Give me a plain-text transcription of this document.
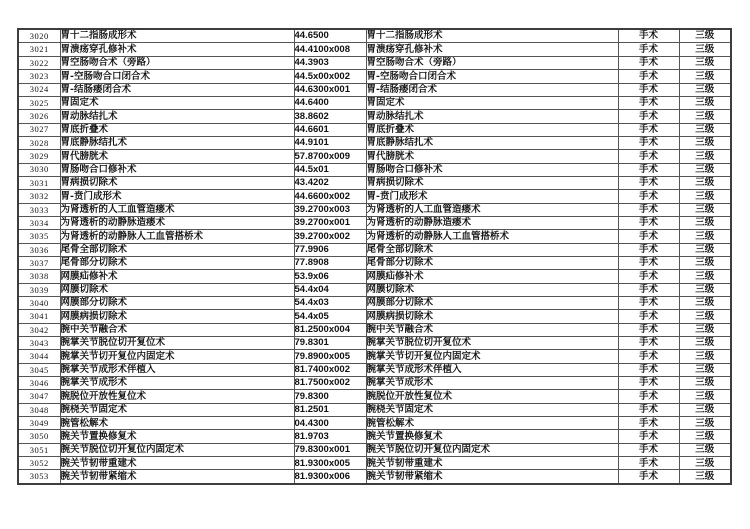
3020	胃十二指肠成形术	44.6500	胃十二指肠成形术	手术	三级
3021	胃溃疡穿孔修补术	44.4100x008	胃溃疡穿孔修补术	手术	三级
3022	胃空肠吻合术（旁路）	44.3903	胃空肠吻合术（旁路）	手术	三级
3023	胃-空肠吻合口闭合术	44.5x00x002	胃-空肠吻合口闭合术	手术	三级
3024	胃-结肠瘘闭合术	44.6300x001	胃-结肠瘘闭合术	手术	三级
3025	胃固定术	44.6400	胃固定术	手术	三级
3026	胃动脉结扎术	38.8602	胃动脉结扎术	手术	三级
3027	胃底折叠术	44.6601	胃底折叠术	手术	三级
3028	胃底静脉结扎术	44.9101	胃底静脉结扎术	手术	三级
3029	胃代膀胱术	57.8700x009	胃代膀胱术	手术	三级
3030	胃肠吻合口修补术	44.5x01	胃肠吻合口修补术	手术	三级
3031	胃病损切除术	43.4202	胃病损切除术	手术	三级
3032	胃-贲门成形术	44.6600x002	胃-贲门成形术	手术	三级
3033	为肾透析的人工血管造瘘术	39.2700x003	为肾透析的人工血管造瘘术	手术	三级
3034	为肾透析的动静脉造瘘术	39.2700x001	为肾透析的动静脉造瘘术	手术	三级
3035	为肾透析的动静脉人工血管搭桥术	39.2700x002	为肾透析的动静脉人工血管搭桥术	手术	三级
3036	尾骨全部切除术	77.9906	尾骨全部切除术	手术	三级
3037	尾骨部分切除术	77.8908	尾骨部分切除术	手术	三级
3038	网膜疝修补术	53.9x06	网膜疝修补术	手术	三级
3039	网膜切除术	54.4x04	网膜切除术	手术	三级
3040	网膜部分切除术	54.4x03	网膜部分切除术	手术	三级
3041	网膜病损切除术	54.4x05	网膜病损切除术	手术	三级
3042	腕中关节融合术	81.2500x004	腕中关节融合术	手术	三级
3043	腕掌关节脱位切开复位术	79.8301	腕掌关节脱位切开复位术	手术	三级
3044	腕掌关节切开复位内固定术	79.8900x005	腕掌关节切开复位内固定术	手术	三级
3045	腕掌关节成形术伴植入	81.7400x002	腕掌关节成形术伴植入	手术	三级
3046	腕掌关节成形术	81.7500x002	腕掌关节成形术	手术	三级
3047	腕脱位开放性复位术	79.8300	腕脱位开放性复位术	手术	三级
3048	腕桡关节固定术	81.2501	腕桡关节固定术	手术	三级
3049	腕管松解术	04.4300	腕管松解术	手术	三级
3050	腕关节置换修复术	81.9703	腕关节置换修复术	手术	三级
3051	腕关节脱位切开复位内固定术	79.8300x001	腕关节脱位切开复位内固定术	手术	三级
3052	腕关节韧带重建术	81.9300x005	腕关节韧带重建术	手术	三级
3053	腕关节韧带紧缩术	81.9300x006	腕关节韧带紧缩术	手术	三级
